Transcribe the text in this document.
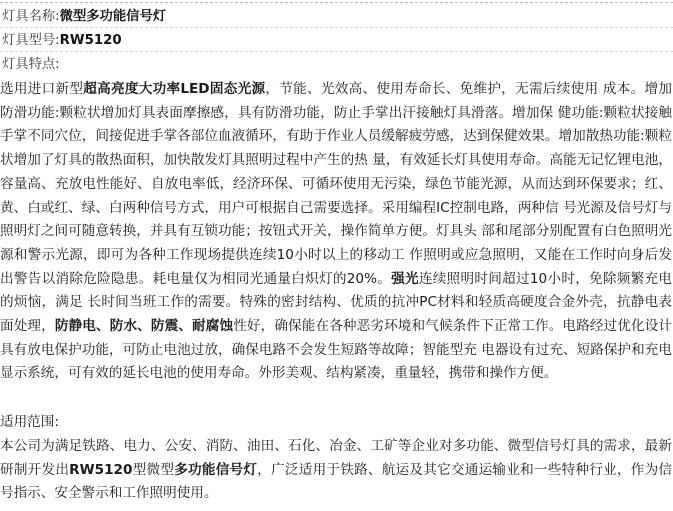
灯具名称:微型多功能信号灯
灯具型号:RW5120
灯具特点:

选用进口新型超高亮度大功率LED固态光源，节能、光效高、使用寿命长、免维护，无需后续使用 成本。增加防滑功能:颗粒状增加灯具表面摩擦感，具有防滑功能，防止手掌出汗接触灯具滑落。增加保 健功能:颗粒状接触手掌不同穴位，间接促进手掌各部位血液循环，有助于作业人员缓解疲劳感，达到保健效果。增加散热功能:颗粒状增加了灯具的散热面积，加快散发灯具照明过程中产生的热 量，有效延长灯具使用寿命。高能无记忆锂电池，容量高、充放电性能好、自放电率低，经济环保、可循环使用无污染，绿色节能光源，从而达到环保要求；红、黄、白或红、绿、白两种信号方式，用户可根据自己需要选择。采用编程IC控制电路，两种信 号光源及信号灯与照明灯之间可随意转换，并具有互锁功能；按钮式开关，操作简单方便。灯具头 部和尾部分别配置有白色照明光源和警示光源，即可为各种工作现场提供连续10小时以上的移动工 作照明或应急照明，又能在工作时向身后发出警告以消除危险隐患。耗电量仅为相同光通量白炽灯的20%。强光连续照明时间超过10小时，免除频繁充电的烦恼，满足 长时间当班工作的需要。特殊的密封结构、优质的抗冲PC材料和轻质高硬度合金外壳，抗静电表面处理，防静电、防水、防震、耐腐蚀性好，确保能在各种恶劣环境和气候条件下正常工作。电路经过优化设计具有放电保护功能，可防止电池过放，确保电路不会发生短路等故障；智能型充 电器设有过充、短路保护和充电显示系统，可有效的延长电池的使用寿命。外形美观、结构紧凑，重量轻，携带和操作方便。

适用范围:

本公司为满足铁路、电力、公安、消防、油田、石化、冶金、工矿等企业对多功能、微型信号灯具的需求，最新研制开发出RW5120型微型多功能信号灯，广泛适用于铁路、航运及其它交通运输业和一些特种行业，作为信号指示、安全警示和工作照明使用。
